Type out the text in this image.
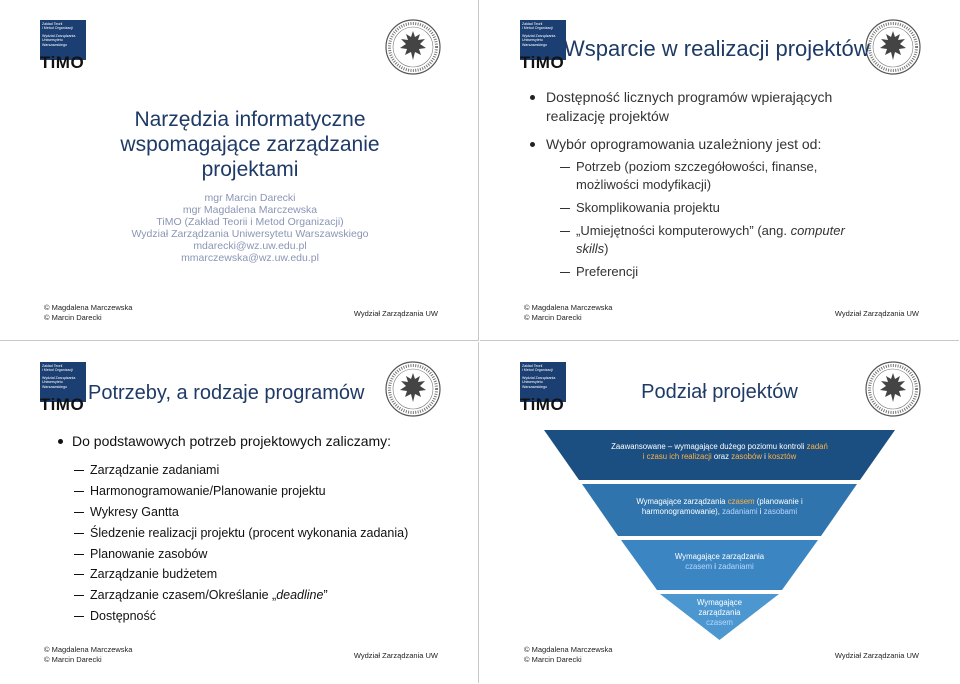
Zakład Teorii
i Metod Organizacji
Wydział Zarządzania
Uniwersytetu
Warszawskiego
TiMO
Narzędzia informatyczne
wspomagające zarządzanie
projektami
mgr Marcin Darecki
mgr Magdalena Marczewska
TiMO (Zakład Teorii i Metod Organizacji)
Wydział Zarządzania Uniwersytetu Warszawskiego
mdarecki@wz.uw.edu.pl
mmarczewska@wz.uw.edu.pl
© Magdalena Marczewska
© Marcin Darecki	Wydział Zarządzania UW
Zakład Teorii
i Metod Organizacji
Wydział Zarządzania
Uniwersytetu
Warszawskiego
TiMO
Wsparcie w realizacji projektów
Dostępność licznych programów wpierających
realizację projektów
Wybór oprogramowania uzależniony jest od:
Potrzeb (poziom szczegółowości, finanse,
możliwości modyfikacji)
Skomplikowania projektu
„Umiejętności komputerowych” (ang. computer
skills)
Preferencji
© Magdalena Marczewska
© Marcin Darecki	Wydział Zarządzania UW
Zakład Teorii
i Metod Organizacji
Wydział Zarządzania
Uniwersytetu
Warszawskiego
TiMO
Potrzeby, a rodzaje programów
Do podstawowych potrzeb projektowych zaliczamy:
Zarządzanie zadaniami
Harmonogramowanie/Planowanie projektu
Wykresy Gantta
Śledzenie realizacji projektu (procent wykonania zadania)
Planowanie zasobów
Zarządzanie budżetem
Zarządzanie czasem/Określanie „deadline”
Dostępność
© Magdalena Marczewska
© Marcin Darecki	Wydział Zarządzania UW
Zakład Teorii
i Metod Organizacji
Wydział Zarządzania
Uniwersytetu
Warszawskiego
TiMO
Podział projektów
Zaawansowane – wymagające dużego poziomu kontroli zadań
i czasu ich realizacji oraz zasobów i kosztów
Wymagające zarządzania czasem (planowanie i
harmonogramowanie), zadaniami i zasobami
Wymagające zarządzania
czasem i zadaniami
Wymagające
zarządzania
czasem
© Magdalena Marczewska
© Marcin Darecki	Wydział Zarządzania UW
